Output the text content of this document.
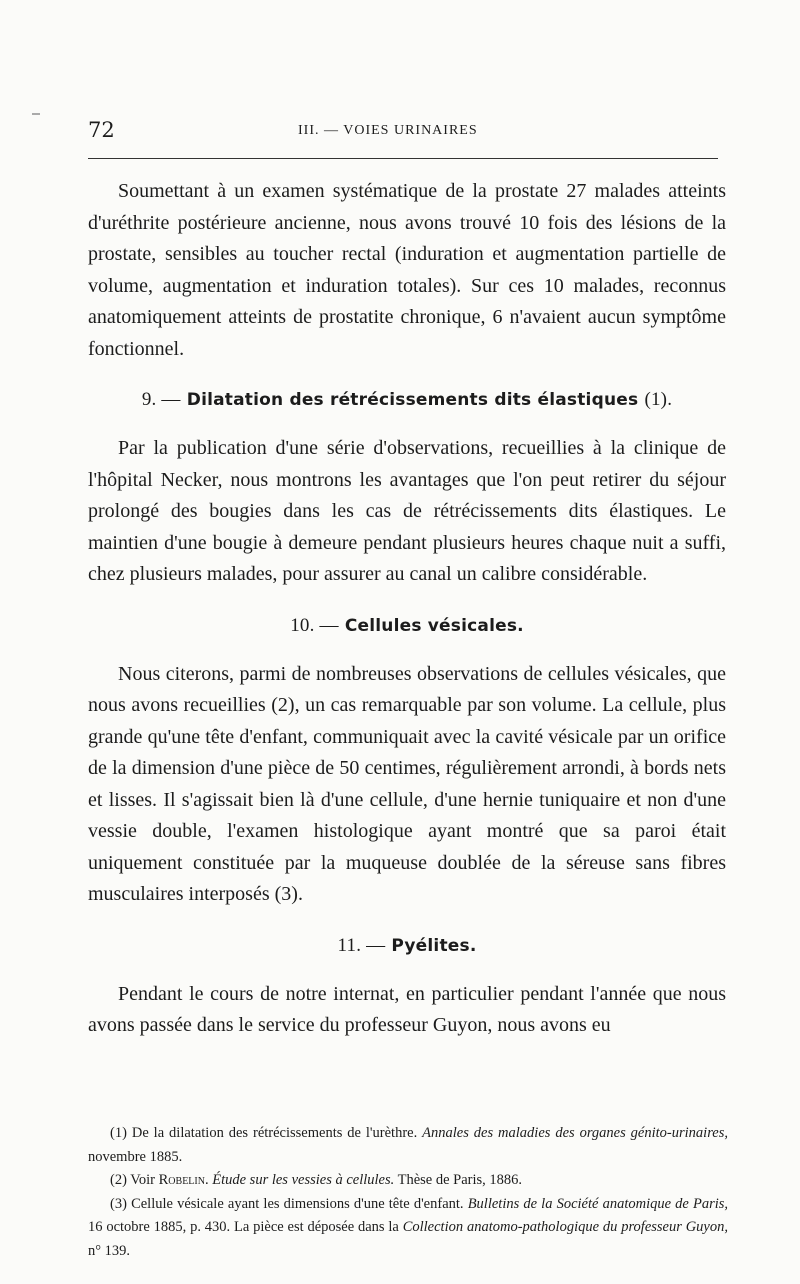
72	III. — VOIES URINAIRES

Soumettant à un examen systématique de la prostate 27 malades atteints d'uréthrite postérieure ancienne, nous avons trouvé 10 fois des lésions de la prostate, sensibles au toucher rectal (induration et augmentation partielle de volume, augmentation et induration totales). Sur ces 10 malades, reconnus anatomiquement atteints de prostatite chronique, 6 n'avaient aucun symptôme fonctionnel.

9. — Dilatation des rétrécissements dits élastiques (1).

Par la publication d'une série d'observations, recueillies à la clinique de l'hôpital Necker, nous montrons les avantages que l'on peut retirer du séjour prolongé des bougies dans les cas de rétrécissements dits élastiques. Le maintien d'une bougie à demeure pendant plusieurs heures chaque nuit a suffi, chez plusieurs malades, pour assurer au canal un calibre considérable.

10. — Cellules vésicales.

Nous citerons, parmi de nombreuses observations de cellules vésicales, que nous avons recueillies (2), un cas remarquable par son volume. La cellule, plus grande qu'une tête d'enfant, communiquait avec la cavité vésicale par un orifice de la dimension d'une pièce de 50 centimes, régulièrement arrondi, à bords nets et lisses. Il s'agissait bien là d'une cellule, d'une hernie tuniquaire et non d'une vessie double, l'examen histologique ayant montré que sa paroi était uniquement constituée par la muqueuse doublée de la séreuse sans fibres musculaires interposés (3).

11. — Pyélites.

Pendant le cours de notre internat, en particulier pendant l'année que nous avons passée dans le service du professeur Guyon, nous avons eu

(1) De la dilatation des rétrécissements de l'urèthre. Annales des maladies des organes génito-urinaires, novembre 1885.

(2) Voir Robelin. Étude sur les vessies à cellules. Thèse de Paris, 1886.

(3) Cellule vésicale ayant les dimensions d'une tête d'enfant. Bulletins de la Société anatomique de Paris, 16 octobre 1885, p. 430. La pièce est déposée dans la Collection anatomo-pathologique du professeur Guyon, n° 139.
